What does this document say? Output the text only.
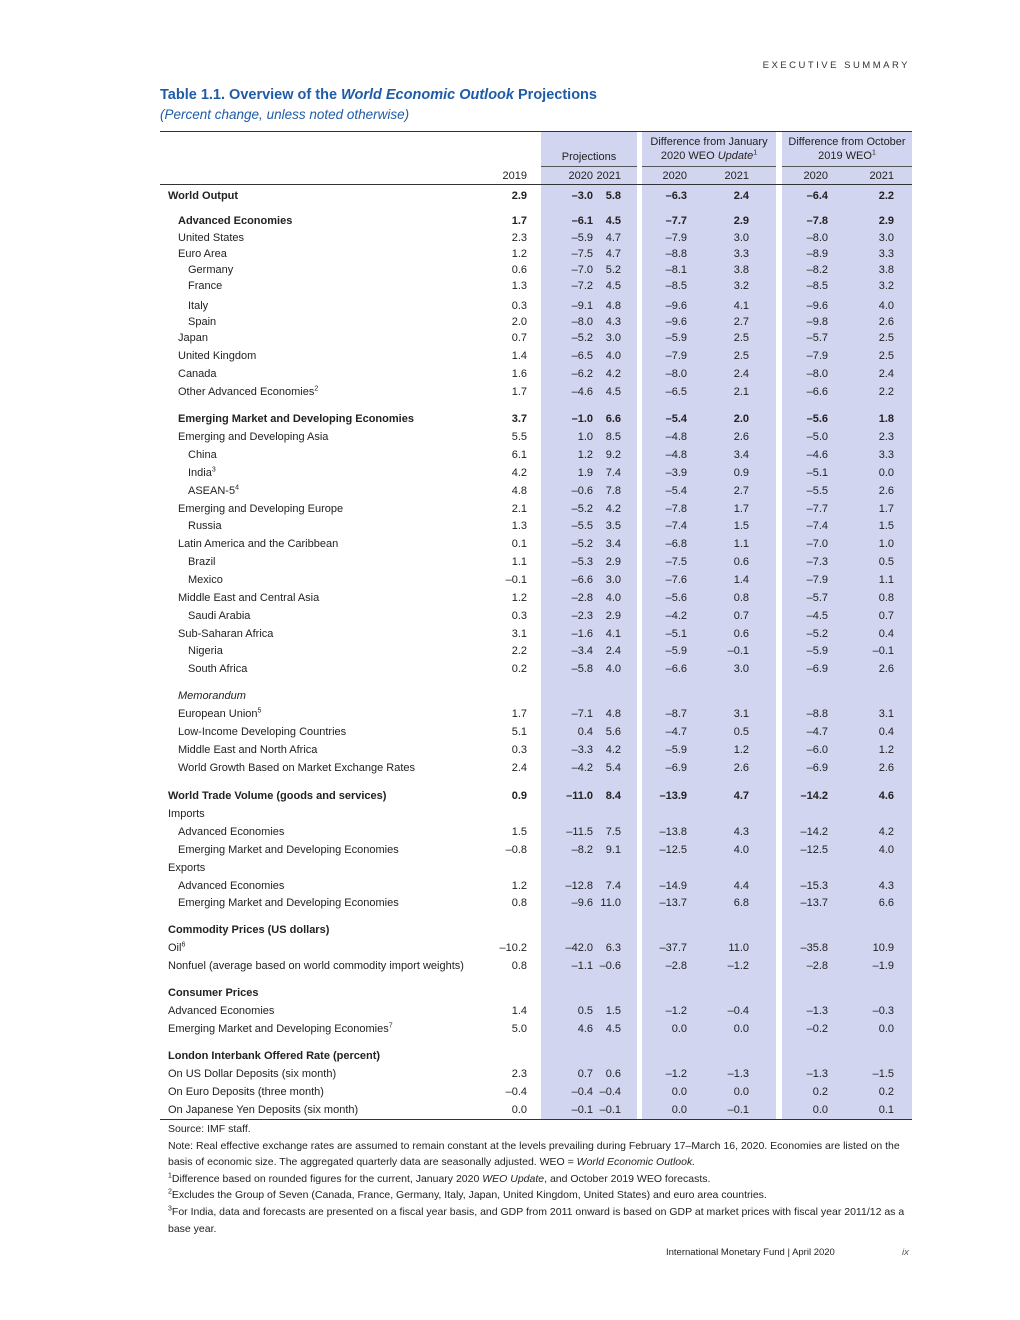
EXECUTIVE SUMMARY
Table 1.1. Overview of the World Economic Outlook Projections
(Percent change, unless noted otherwise)
Projections
Difference from January
2020 WEO Update$^1$
Difference from October
2019 WEO$^1$
2019	2020 2021	2020	2021	2020	2021
World Output	2.9	–3.0	5.8	–6.3	2.4	–6.4	2.2
Advanced Economies	1.7	–6.1	4.5	–7.7	2.9	–7.8	2.9
United States	2.3	–5.9	4.7	–7.9	3.0	–8.0	3.0
Euro Area	1.2	–7.5	4.7	–8.8	3.3	–8.9	3.3
Germany	0.6	–7.0	5.2	–8.1	3.8	–8.2	3.8
France	1.3	–7.2	4.5	–8.5	3.2	–8.5	3.2
Italy	0.3	–9.1	4.8	–9.6	4.1	–9.6	4.0
Spain	2.0	–8.0	4.3	–9.6	2.7	–9.8	2.6
Japan	0.7	–5.2	3.0	–5.9	2.5	–5.7	2.5
United Kingdom	1.4	–6.5	4.0	–7.9	2.5	–7.9	2.5
Canada	1.6	–6.2	4.2	–8.0	2.4	–8.0	2.4
Other Advanced Economies$^2$	1.7	–4.6	4.5	–6.5	2.1	–6.6	2.2
Emerging Market and Developing Economies	3.7	–1.0	6.6	–5.4	2.0	–5.6	1.8
Emerging and Developing Asia	5.5	1.0	8.5	–4.8	2.6	–5.0	2.3
China	6.1	1.2	9.2	–4.8	3.4	–4.6	3.3
India$^3$	4.2	1.9	7.4	–3.9	0.9	–5.1	0.0
ASEAN-$5^4$	4.8	–0.6	7.8	–5.4	2.7	–5.5	2.6
Emerging and Developing Europe	2.1	–5.2	4.2	–7.8	1.7	–7.7	1.7
Russia	1.3	–5.5	3.5	–7.4	1.5	–7.4	1.5
Latin America and the Caribbean	0.1	–5.2	3.4	–6.8	1.1	–7.0	1.0
Brazil	1.1	–5.3	2.9	–7.5	0.6	–7.3	0.5
Mexico	–0.1	–6.6	3.0	–7.6	1.4	–7.9	1.1
Middle East and Central Asia	1.2	–2.8	4.0	–5.6	0.8	–5.7	0.8
Saudi Arabia	0.3	–2.3	2.9	–4.2	0.7	–4.5	0.7
Sub-Saharan Africa	3.1	–1.6	4.1	–5.1	0.6	–5.2	0.4
Nigeria	2.2	–3.4	2.4	–5.9	–0.1	–5.9	–0.1
South Africa	0.2	–5.8	4.0	–6.6	3.0	–6.9	2.6
Memorandum
European Union$^5$	1.7	–7.1	4.8	–8.7	3.1	–8.8	3.1
Low-Income Developing Countries	5.1	0.4	5.6	–4.7	0.5	–4.7	0.4
Middle East and North Africa	0.3	–3.3	4.2	–5.9	1.2	–6.0	1.2
World Growth Based on Market Exchange Rates	2.4	–4.2	5.4	–6.9	2.6	–6.9	2.6
World Trade Volume (goods and services)	0.9	–11.0	8.4	–13.9	4.7	–14.2	4.6
Imports
Advanced Economies	1.5	–11.5	7.5	–13.8	4.3	–14.2	4.2
Emerging Market and Developing Economies	–0.8	–8.2	9.1	–12.5	4.0	–12.5	4.0
Exports
Advanced Economies	1.2	–12.8	7.4	–14.9	4.4	–15.3	4.3
Emerging Market and Developing Economies	0.8	–9.6 11.0	–13.7	6.8	–13.7	6.6
Commodity Prices (US dollars)
Oil$^6$	–10.2	–42.0	6.3	–37.7	11.0	–35.8	10.9
Nonfuel (average based on world commodity import weights)	0.8	–1.1 –0.6	–2.8	–1.2	–2.8	–1.9
Consumer Prices
Advanced Economies	1.4	0.5	1.5	–1.2	–0.4	–1.3	–0.3
Emerging Market and Developing Economies$^7$	5.0	4.6	4.5	0.0	0.0	–0.2	0.0
London Interbank Offered Rate (percent)
On US Dollar Deposits (six month)	2.3	0.7	0.6	–1.2	–1.3	–1.3	–1.5
On Euro Deposits (three month)	–0.4	–0.4 –0.4	0.0	0.0	0.2	0.2
On Japanese Yen Deposits (six month)	0.0	–0.1 –0.1	0.0	–0.1	0.0	0.1

Source: IMF staff.

Note: Real effective exchange rates are assumed to remain constant at the levels prevailing during February 17–March 16, 2020. Economies are listed on the basis of economic size. The aggregated quarterly data are seasonally adjusted. WEO = World Economic Outlook.

$^1$Difference based on rounded figures for the current, January 2020 WEO Update, and October 2019 WEO forecasts.

$^2$Excludes the Group of Seven (Canada, France, Germany, Italy, Japan, United Kingdom, United States) and euro area countries.

$^3$For India, data and forecasts are presented on a fiscal year basis, and GDP from 2011 onward is based on GDP at market prices with fiscal year 2011/12 as a base year.

International Monetary Fund | April 2020	ix
